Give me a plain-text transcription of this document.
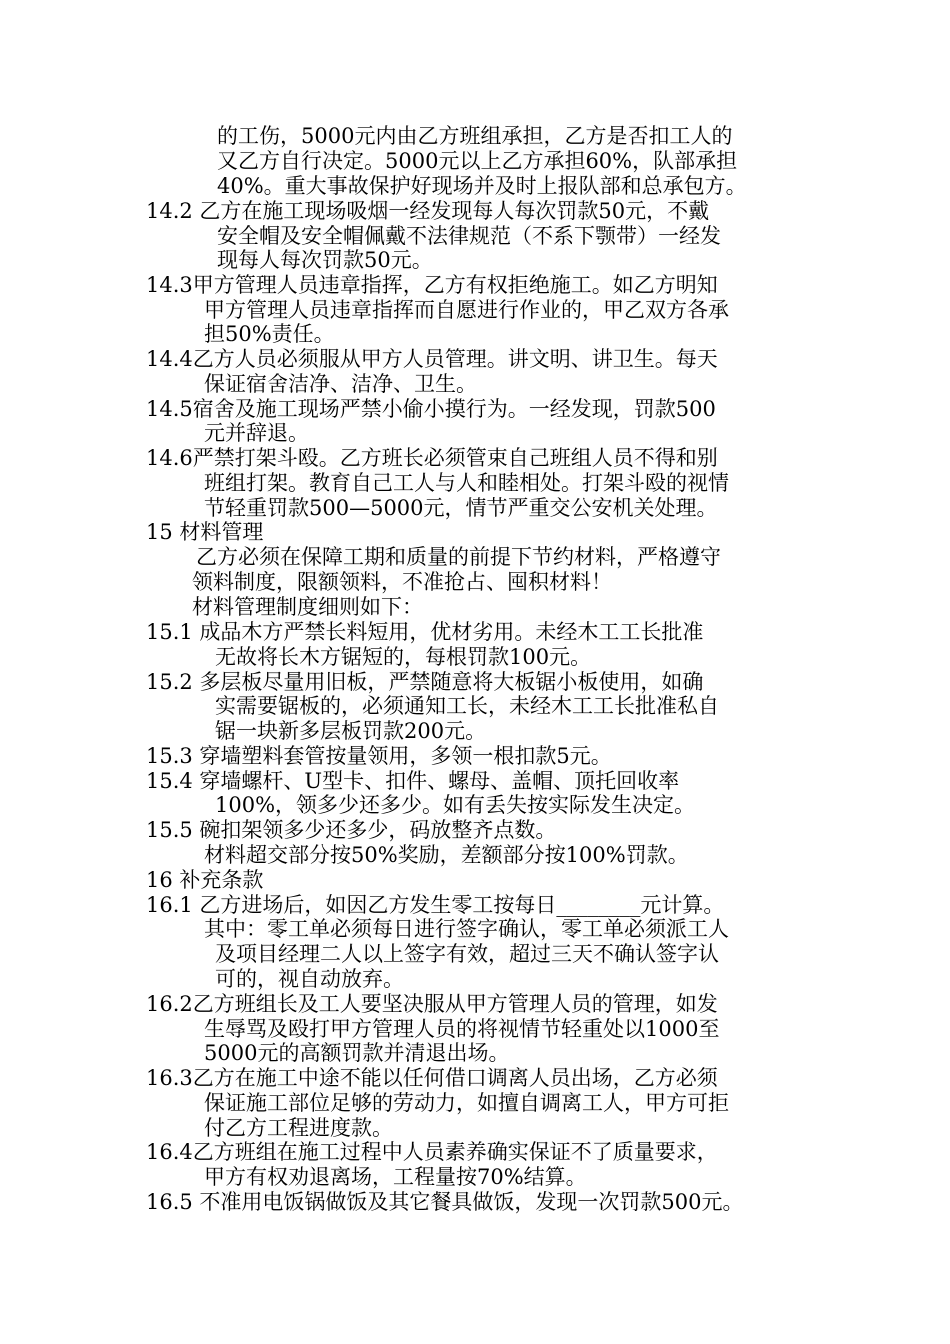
的工伤，5000元内由乙方班组承担，乙方是否扣工人的
又乙方自行决定。5000元以上乙方承担60%，队部承担
40%。重大事故保护好现场并及时上报队部和总承包方。
14.2 乙方在施工现场吸烟一经发现每人每次罚款50元，不戴
安全帽及安全帽佩戴不法律规范（不系下颚带）一经发
现每人每次罚款50元。
14.3甲方管理人员违章指挥，乙方有权拒绝施工。如乙方明知
甲方管理人员违章指挥而自愿进行作业的，甲乙双方各承
担50%责任。
14.4乙方人员必须服从甲方人员管理。讲文明、讲卫生。每天
保证宿舍洁净、洁净、卫生。
14.5宿舍及施工现场严禁小偷小摸行为。一经发现，罚款500
元并辞退。
14.6严禁打架斗殴。乙方班长必须管束自己班组人员不得和别
班组打架。教育自己工人与人和睦相处。打架斗殴的视情
节轻重罚款500—5000元，情节严重交公安机关处理。
15 材料管理
乙方必须在保障工期和质量的前提下节约材料，严格遵守
领料制度，限额领料，不准抢占、囤积材料！
材料管理制度细则如下：
15.1 成品木方严禁长料短用，优材劣用。未经木工工长批准
无故将长木方锯短的，每根罚款100元。
15.2 多层板尽量用旧板，严禁随意将大板锯小板使用，如确
实需要锯板的，必须通知工长，未经木工工长批准私自
锯一块新多层板罚款200元。
15.3 穿墙塑料套管按量领用，多领一根扣款5元。
15.4 穿墙螺杆、U型卡、扣件、螺母、盖帽、顶托回收率
100%，领多少还多少。如有丢失按实际发生决定。
15.5 碗扣架领多少还多少，码放整齐点数。
材料超交部分按50%奖励，差额部分按100%罚款。
16 补充条款
16.1 乙方进场后，如因乙方发生零工按每日________元计算。
其中：零工单必须每日进行签字确认，零工单必须派工人
及项目经理二人以上签字有效，超过三天不确认签字认
可的，视自动放弃。
16.2乙方班组长及工人要坚决服从甲方管理人员的管理，如发
生辱骂及殴打甲方管理人员的将视情节轻重处以1000至
5000元的高额罚款并清退出场。
16.3乙方在施工中途不能以任何借口调离人员出场，乙方必须
保证施工部位足够的劳动力，如擅自调离工人，甲方可拒
付乙方工程进度款。
16.4乙方班组在施工过程中人员素养确实保证不了质量要求，
甲方有权劝退离场，工程量按70%结算。
16.5 不准用电饭锅做饭及其它餐具做饭，发现一次罚款500元。
